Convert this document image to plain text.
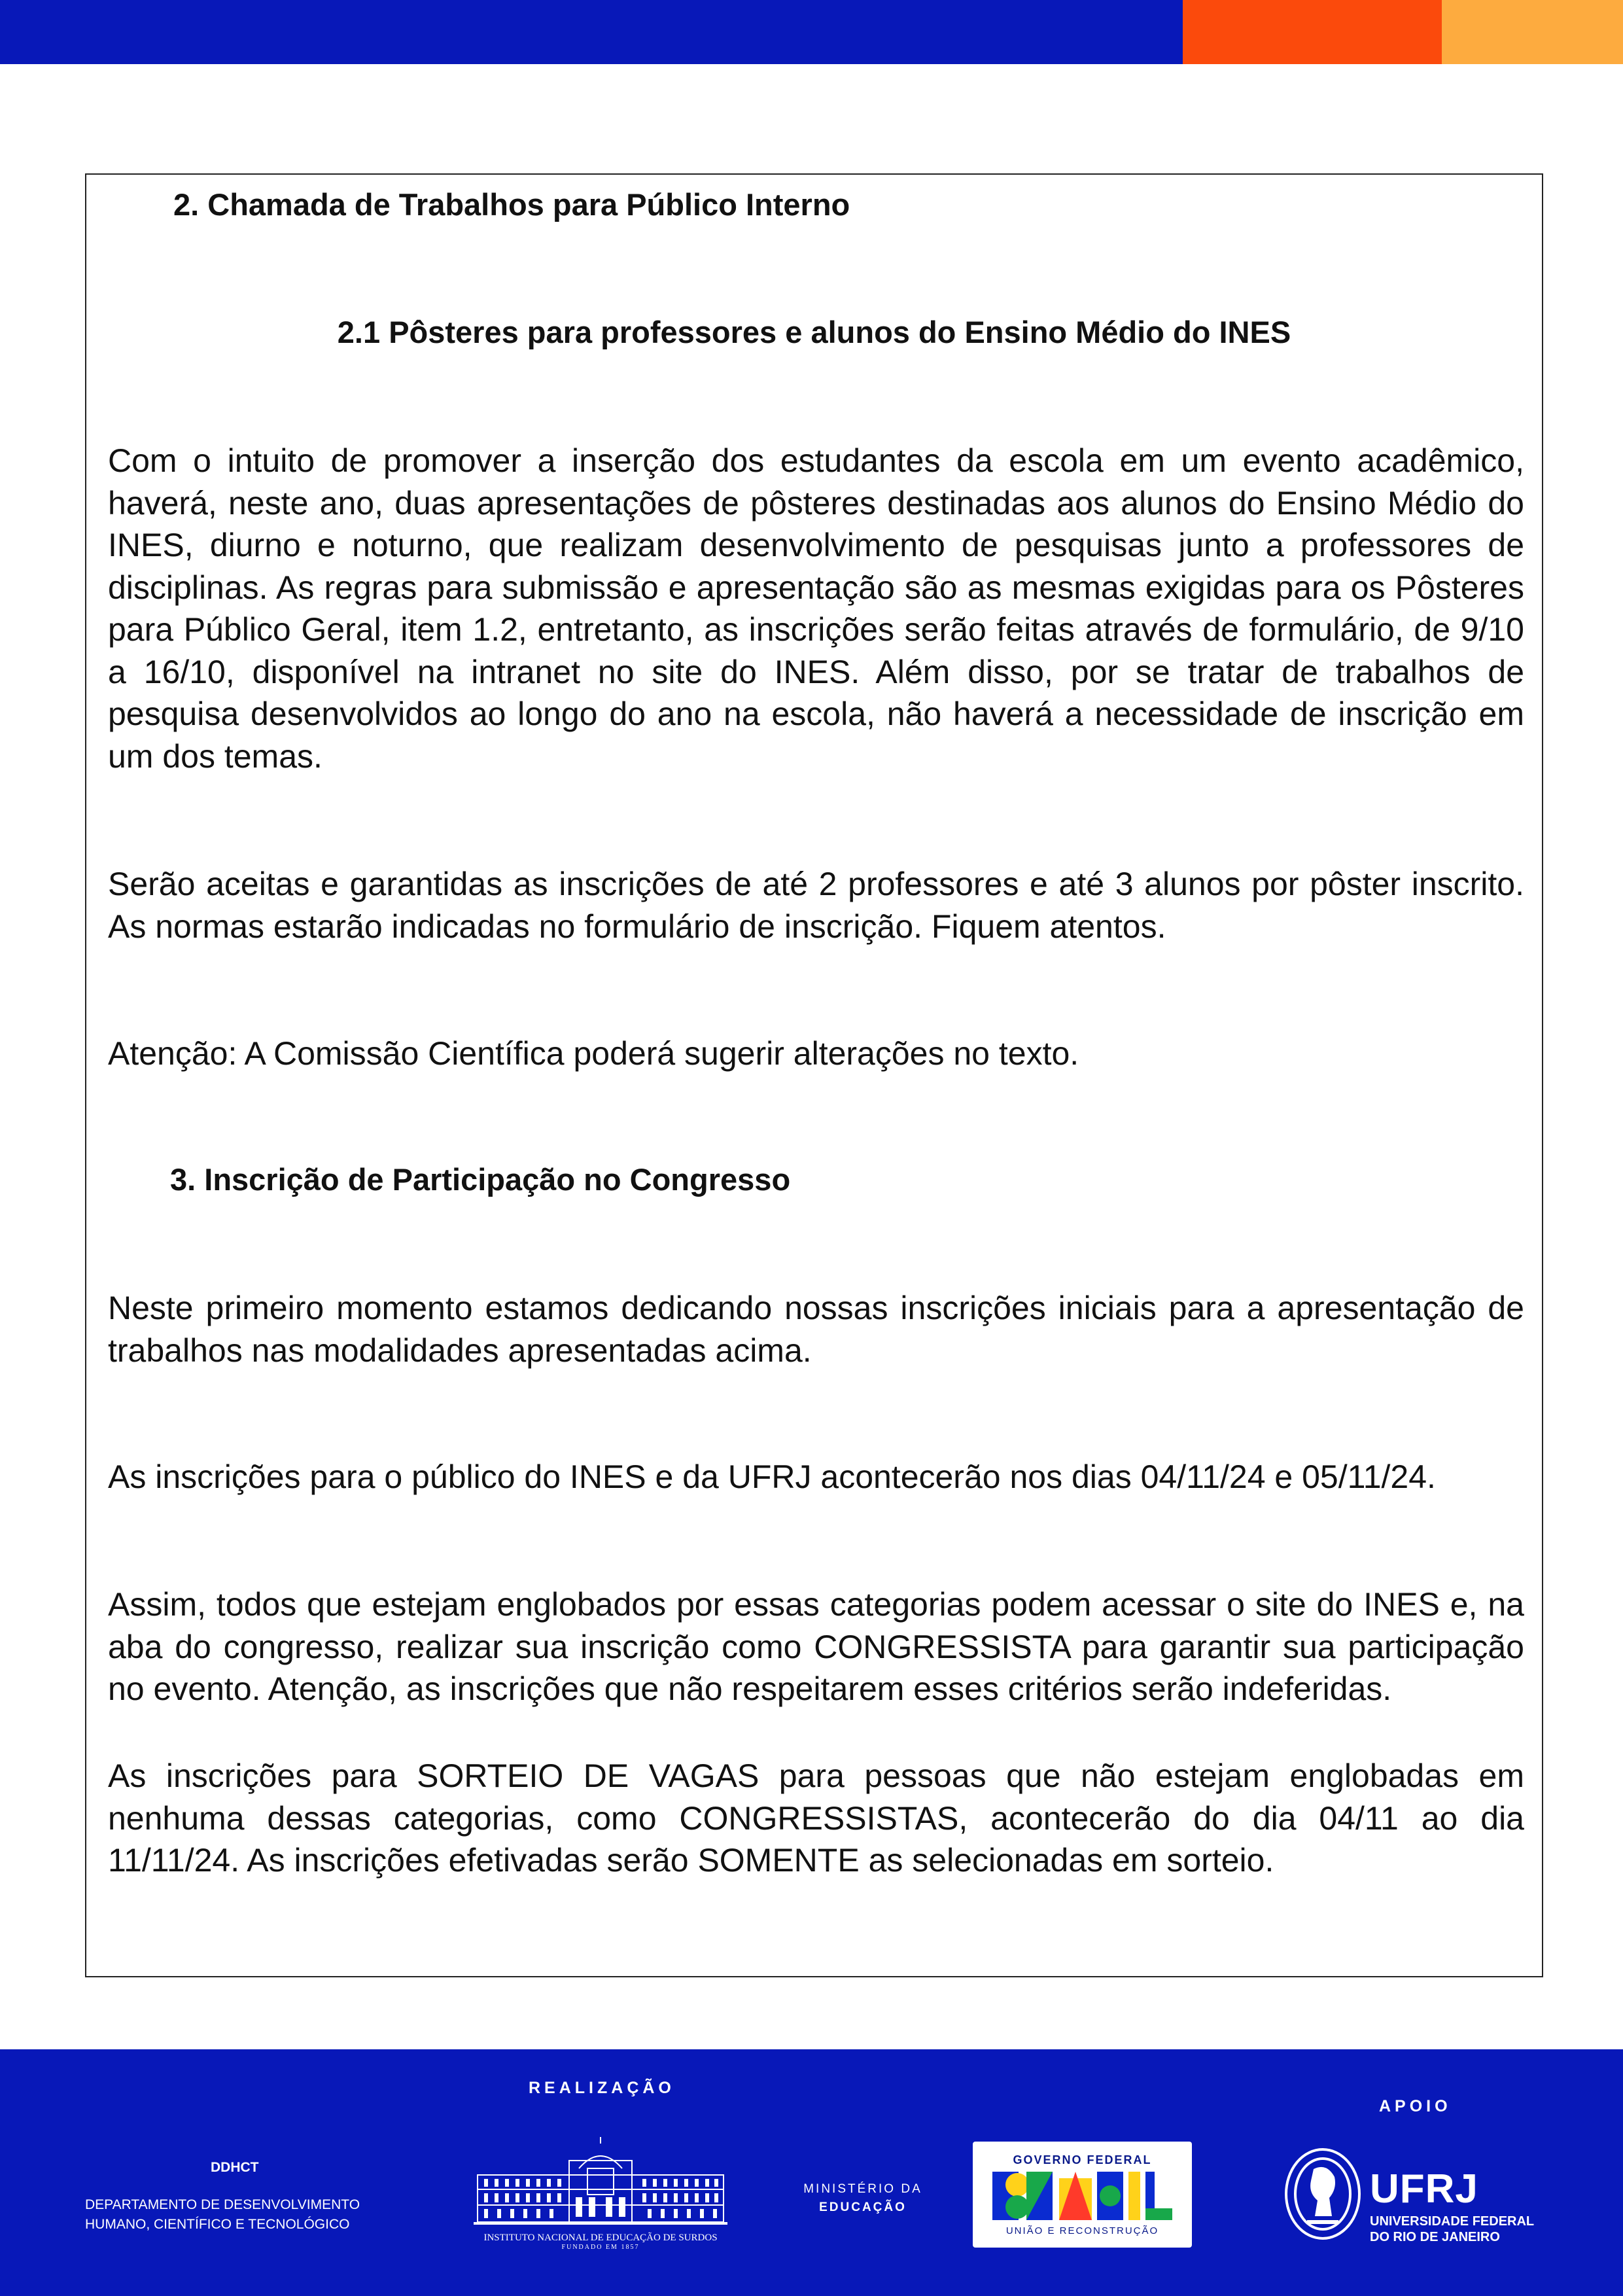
2. Chamada de Trabalhos para Público Interno
2.1 Pôsteres para professores e alunos do Ensino Médio do INES

Com o intuito de promover a inserção dos estudantes da escola em um evento acadêmico, haverá, neste ano, duas apresentações de pôsteres destinadas aos alunos do Ensino Médio do INES, diurno e noturno, que realizam desenvolvimento de pesquisas junto a professores de disciplinas. As regras para submissão e apresentação são as mesmas exigidas para os Pôsteres para Público Geral, item 1.2, entretanto, as inscrições serão feitas através de formulário, de 9/10 a 16/10, disponível na intranet no site do INES. Além disso, por se tratar de trabalhos de pesquisa desenvolvidos ao longo do ano na escola, não haverá a necessidade de inscrição em um dos temas.

Serão aceitas e garantidas as inscrições de até 2 professores e até 3 alunos por pôster inscrito. As normas estarão indicadas no formulário de inscrição. Fiquem atentos.

Atenção: A Comissão Científica poderá sugerir alterações no texto.

3. Inscrição de Participação no Congresso

Neste primeiro momento estamos dedicando nossas inscrições iniciais para a apresentação de trabalhos nas modalidades apresentadas acima.

As inscrições para o público do INES e da UFRJ acontecerão nos dias 04/11/24 e 05/11/24.

Assim, todos que estejam englobados por essas categorias podem acessar o site do INES e, na aba do congresso, realizar sua inscrição como CONGRESSISTA para garantir sua participação no evento. Atenção, as inscrições que não respeitarem esses critérios serão indeferidas.

As inscrições para SORTEIO DE VAGAS para pessoas que não estejam englobadas em nenhuma dessas categorias, como CONGRESSISTAS, acontecerão do dia 04/11 ao dia 11/11/24. As inscrições efetivadas serão SOMENTE as selecionadas em sorteio.

REALIZAÇÃO
APOIO
DDHCT
DEPARTAMENTO DE DESENVOLVIMENTO
HUMANO, CIENTÍFICO E TECNOLÓGICO
INSTITUTO NACIONAL DE EDUCAÇÃO DE SURDOS
FUNDADO EM 1857
MINISTÉRIO DA
EDUCAÇÃO
GOVERNO FEDERAL
UNIÃO E RECONSTRUÇÃO
UFRJ
UNIVERSIDADE FEDERAL
DO RIO DE JANEIRO
